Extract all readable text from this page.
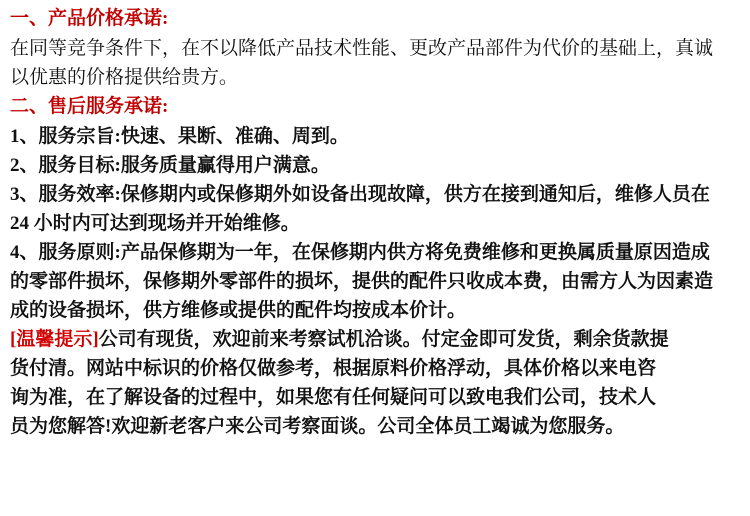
一、产品价格承诺:
在同等竞争条件下，在不以降低产品技术性能、更改产品部件为代价的基础上，真诚
以优惠的价格提供给贵方。
二、售后服务承诺:
1、服务宗旨:快速、果断、准确、周到。
2、服务目标:服务质量赢得用户满意。
3、服务效率:保修期内或保修期外如设备出现故障，供方在接到通知后，维修人员在
24 小时内可达到现场并开始维修。
4、服务原则:产品保修期为一年，在保修期内供方将免费维修和更换属质量原因造成
的零部件损坏，保修期外零部件的损坏，提供的配件只收成本费，由需方人为因素造
成的设备损坏，供方维修或提供的配件均按成本价计。
[温馨提示]公司有现货，欢迎前来考察试机洽谈。付定金即可发货，剩余货款提
货付清。网站中标识的价格仅做参考，根据原料价格浮动，具体价格以来电咨
询为准，在了解设备的过程中，如果您有任何疑问可以致电我们公司，技术人
员为您解答!欢迎新老客户来公司考察面谈。公司全体员工竭诚为您服务。
